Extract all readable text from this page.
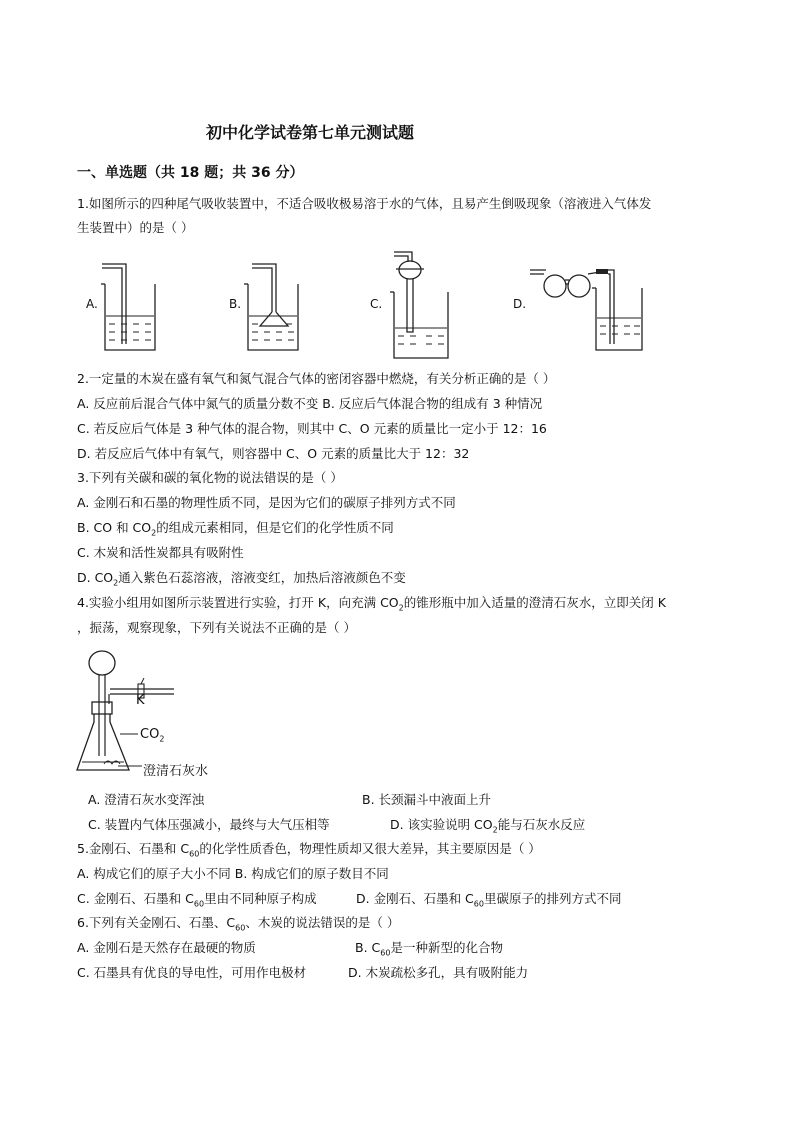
初中化学试卷第七单元测试题
一、单选题（共 18 题；共 36 分）
1.如图所示的四种尾气吸收装置中，不适合吸收极易溶于水的气体，且易产生倒吸现象（溶液进入气体发
生装置中）的是（ ）
A.	B.	C.	D.
2.一定量的木炭在盛有氧气和氮气混合气体的密闭容器中燃烧，有关分析正确的是（ ）
A. 反应前后混合气体中氮气的质量分数不变 B. 反应后气体混合物的组成有 3 种情况
C. 若反应后气体是 3 种气体的混合物，则其中 C、O 元素的质量比一定小于 12：16
D. 若反应后气体中有氧气，则容器中 C、O 元素的质量比大于 12：32
3.下列有关碳和碳的氧化物的说法错误的是（ ）
A. 金刚石和石墨的物理性质不同，是因为它们的碳原子排列方式不同
B. CO 和 $CO_2$的组成元素相同，但是它们的化学性质不同
C. 木炭和活性炭都具有吸附性
D. $CO_2$通入紫色石蕊溶液，溶液变红，加热后溶液颜色不变
4.实验小组用如图所示装置进行实验，打开 K，向充满 $CO_2$的锥形瓶中加入适量的澄清石灰水，立即关闭 K
，振荡，观察现象，下列有关说法不正确的是（ ）
K
$CO_2$
澄清石灰水
A. 澄清石灰水变浑浊	B. 长颈漏斗中液面上升
C. 装置内气体压强减小，最终与大气压相等	D. 该实验说明 $CO_2$能与石灰水反应
5.金刚石、石墨和 $C_{60}$的化学性质香色，物理性质却又很大差异，其主要原因是（ ）
A. 构成它们的原子大小不同 B. 构成它们的原子数目不同
C. 金刚石、石墨和 $C_{60}$里由不同种原子构成	D. 金刚石、石墨和 $C_{60}$里碳原子的排列方式不同
6.下列有关金刚石、石墨、$C_{60}$、木炭的说法错误的是（ ）
A. 金刚石是天然存在最硬的物质	B. $C_{60}$是一种新型的化合物
C. 石墨具有优良的导电性，可用作电极材	D. 木炭疏松多孔，具有吸附能力
